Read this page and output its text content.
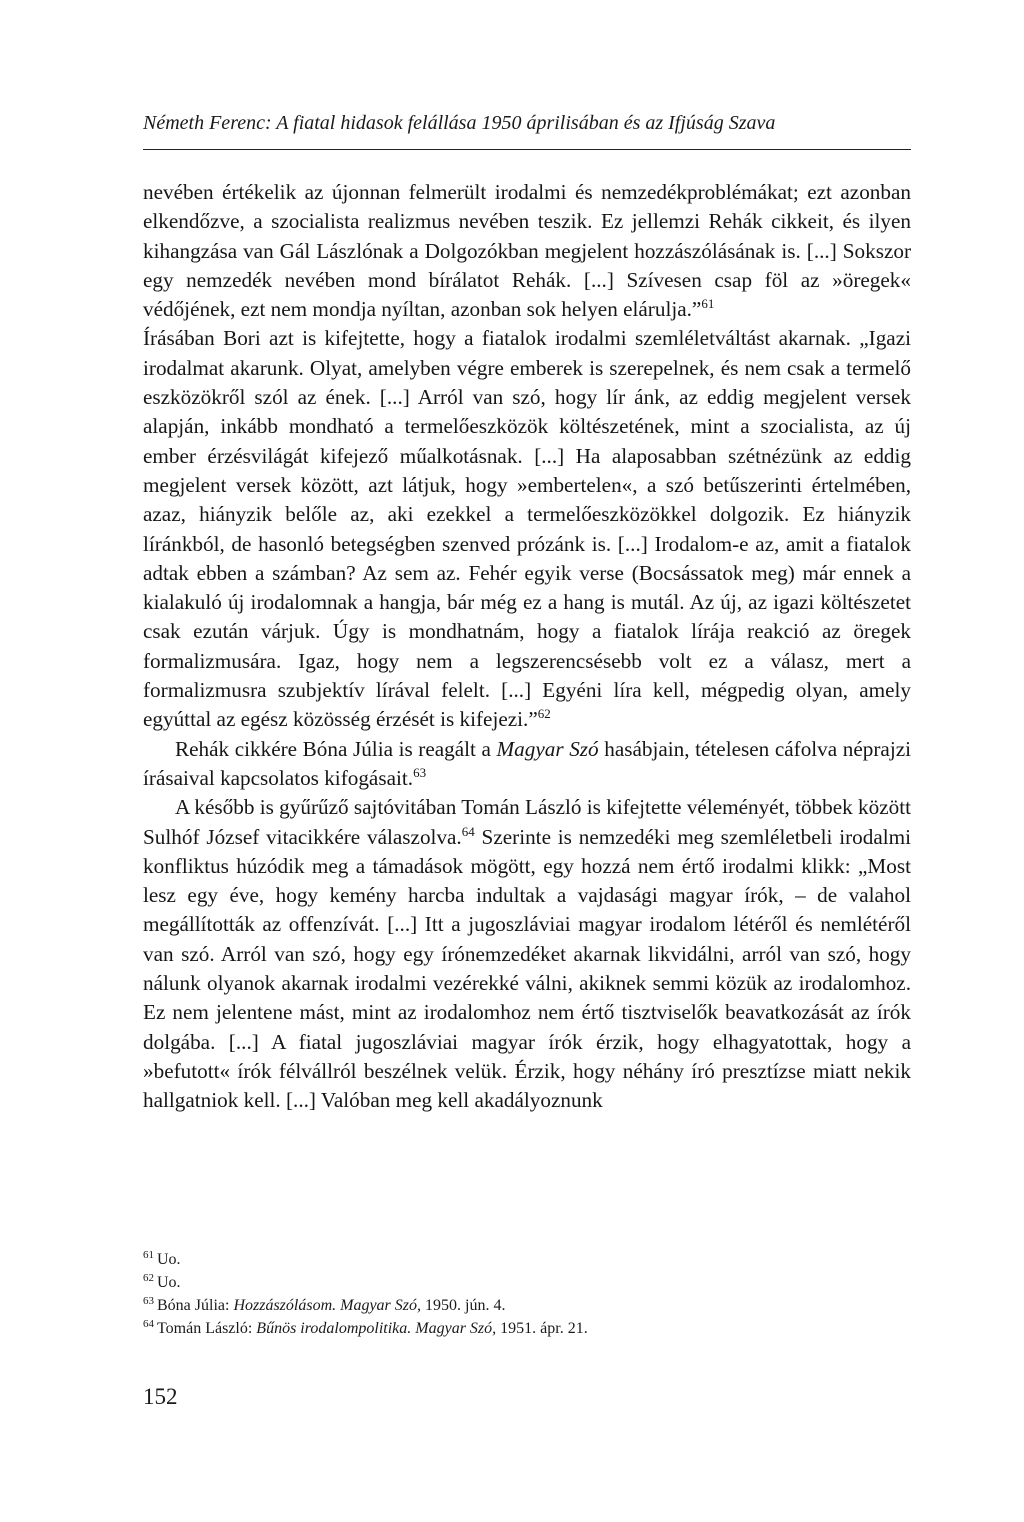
Németh Ferenc: A fiatal hidasok felállása 1950 áprilisában és az Ifjúság Szava

nevében értékelik az újonnan felmerült irodalmi és nemzedékproblémákat; ezt azonban elkendőzve, a szocialista realizmus nevében teszik. Ez jellemzi Rehák cikkeit, és ilyen kihangzása van Gál Lászlónak a Dolgozókban megjelent hozzászólásának is. [...] Sokszor egy nemzedék nevében mond bírálatot Rehák. [...] Szívesen csap föl az »öregek« védőjének, ezt nem mondja nyíltan, azonban sok helyen elárulja.”$^{61}$

Írásában Bori azt is kifejtette, hogy a fiatalok irodalmi szemléletváltást akarnak. „Igazi irodalmat akarunk. Olyat, amelyben végre emberek is szerepelnek, és nem csak a termelő eszközökről szól az ének. [...] Arról van szó, hogy lír ánk, az eddig megjelent versek alapján, inkább mondható a termelőeszközök költészetének, mint a szocialista, az új ember érzésvilágát kifejező műalkotásnak. [...] Ha alaposabban szétnézünk az eddig megjelent versek között, azt látjuk, hogy »embertelen«, a szó betűszerinti értelmében, azaz, hiányzik belőle az, aki ezekkel a termelőeszközökkel dolgozik. Ez hiányzik líránkból, de hasonló betegségben szenved prózánk is. [...] Irodalom-e az, amit a fiatalok adtak ebben a számban? Az sem az. Fehér egyik verse (Bocsássatok meg) már ennek a kialakuló új irodalomnak a hangja, bár még ez a hang is mutál. Az új, az igazi költészetet csak ezután várjuk. Úgy is mondhatnám, hogy a fiatalok lírája reakció az öregek formalizmusára. Igaz, hogy nem a legszerencsésebb volt ez a válasz, mert a formalizmusra szubjektív lírával felelt. [...] Egyéni líra kell, mégpedig olyan, amely egyúttal az egész közösség érzését is kifejezi.”$^{62}$

Rehák cikkére Bóna Júlia is reagált a Magyar Szó hasábjain, tételesen cáfolva néprajzi írásaival kapcsolatos kifogásait.$^{63}$

A később is gyűrűző sajtóvitában Tomán László is kifejtette véleményét, többek között Sulhóf József vitacikkére válaszolva.$^{64}$ Szerinte is nemzedéki meg szemléletbeli irodalmi konfliktus húzódik meg a támadások mögött, egy hozzá nem értő irodalmi klikk: „Most lesz egy éve, hogy kemény harcba indultak a vajdasági magyar írók, – de valahol megállították az offenzívát. [...] Itt a jugoszláviai magyar irodalom létéről és nemlétéről van szó. Arról van szó, hogy egy írónemzedéket akarnak likvidálni, arról van szó, hogy nálunk olyanok akarnak irodalmi vezérekké válni, akiknek semmi közük az irodalomhoz. Ez nem jelentene mást, mint az irodalomhoz nem értő tisztviselők beavatkozását az írók dolgába. [...] A fiatal jugoszláviai magyar írók érzik, hogy elhagyatottak, hogy a »befutott« írók félvállról beszélnek velük. Érzik, hogy néhány író presztízse miatt nekik hallgatniok kell. [...] Valóban meg kell akadályoznunk

$^{61}$ Uo.
$^{62}$ Uo.
$^{63}$ Bóna Júlia: Hozzászólásom. Magyar Szó, 1950. jún. 4.
$^{64}$ Tomán László: Bűnös irodalompolitika. Magyar Szó, 1951. ápr. 21.
152
